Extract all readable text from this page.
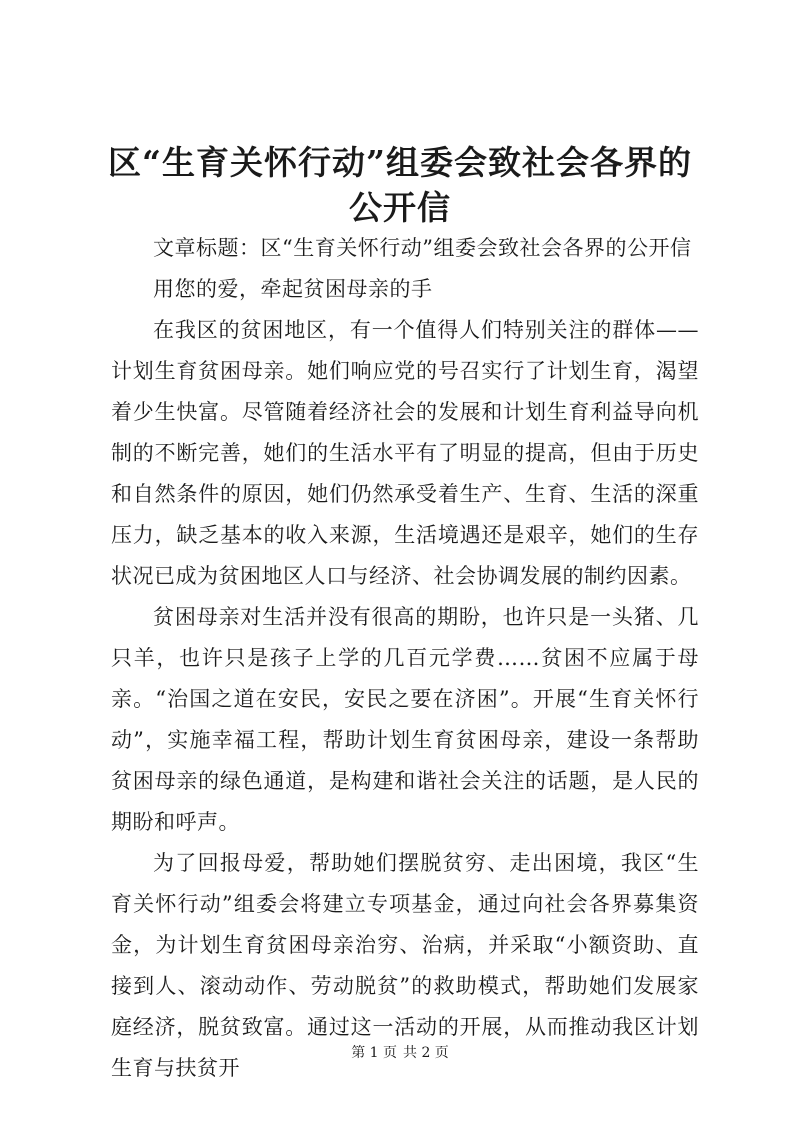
区“生育关怀行动”组委会致社会各界的公开信

文章标题：区“生育关怀行动”组委会致社会各界的公开信

用您的爱，牵起贫困母亲的手

在我区的贫困地区，有一个值得人们特别关注的群体——计划生育贫困母亲。她们响应党的号召实行了计划生育，渴望着少生快富。尽管随着经济社会的发展和计划生育利益导向机制的不断完善，她们的生活水平有了明显的提高，但由于历史和自然条件的原因，她们仍然承受着生产、生育、生活的深重压力，缺乏基本的收入来源，生活境遇还是艰辛，她们的生存状况已成为贫困地区人口与经济、社会协调发展的制约因素。

贫困母亲对生活并没有很高的期盼，也许只是一头猪、几只羊，也许只是孩子上学的几百元学费……贫困不应属于母亲。“治国之道在安民，安民之要在济困”。开展“生育关怀行动”，实施幸福工程，帮助计划生育贫困母亲，建设一条帮助贫困母亲的绿色通道，是构建和谐社会关注的话题，是人民的期盼和呼声。

为了回报母爱，帮助她们摆脱贫穷、走出困境，我区“生育关怀行动”组委会将建立专项基金，通过向社会各界募集资金，为计划生育贫困母亲治穷、治病，并采取“小额资助、直接到人、滚动动作、劳动脱贫”的救助模式，帮助她们发展家庭经济，脱贫致富。通过这一活动的开展，从而推动我区计划生育与扶贫开

第 1 页 共 2 页
